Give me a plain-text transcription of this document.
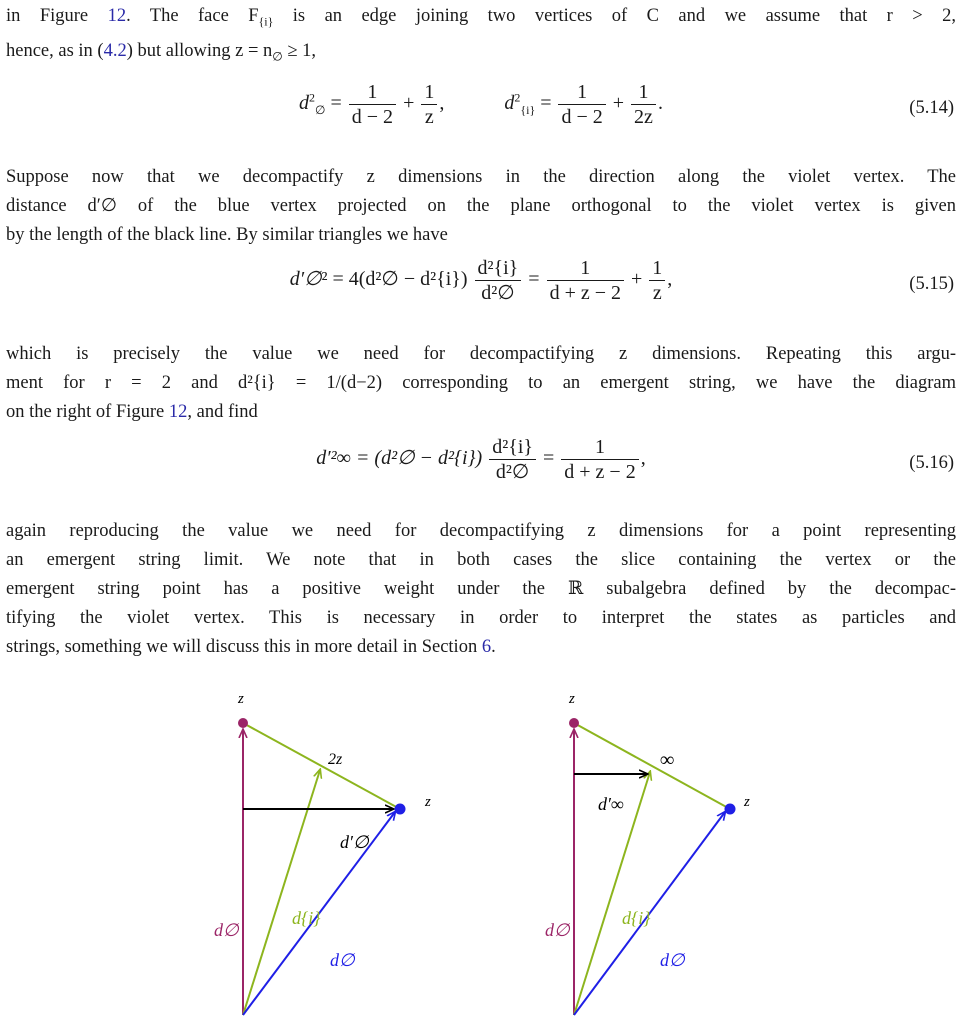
in Figure 12. The face $F_{\{i\}}$ is an edge joining two vertices of C and we assume that r > 2,
hence, as in (4.2) but allowing $z = n_\emptyset \ge 1$,
$d^2_\emptyset = \frac{1}{d - 2} + \frac{1}{z}$ ,	$d^2_{\{i\}} = \frac{1}{d - 2} + \frac{1}{2z}$ .	(5.14)
Suppose now that we decompactify z dimensions in the direction along the violet vertex. The
distance d′∅ of the blue vertex projected on the plane orthogonal to the violet vertex is given
by the length of the black line. By similar triangles we have
d′∅² = 4(d²∅ − $d^2\{i\}) \frac{\text{d²\{i\}}}{\text{d²∅}} = \frac{1}{d + z - 2} + \frac{1}{z}$ ,	(5.15)
which is precisely the value we need for decompactifying z dimensions. Repeating this argu-
ment for r = 2 and d²{i} = 1/(d−2) corresponding to an emergent string, we have the diagram
on the right of Figure 12, and find
d′²∞ = (d²∅ − $d^2\{i\}) \frac{\text{d²\{i\}}}{\text{d²∅}} = \frac{1}{d + z - 2}$ ,	(5.16)
again reproducing the value we need for decompactifying z dimensions for a point representing
an emergent string limit. We note that in both cases the slice containing the vertex or the
emergent string point has a positive weight under the ℝ subalgebra defined by the decompac-
tifying the violet vertex. This is necessary in order to interpret the states as particles and
strings, something we will discuss this in more detail in Section 6.
z
2z
z
d∅
d{i}
d∅
d′∅
z
∞
z
d∅
d{i}
d∅
d′∞
